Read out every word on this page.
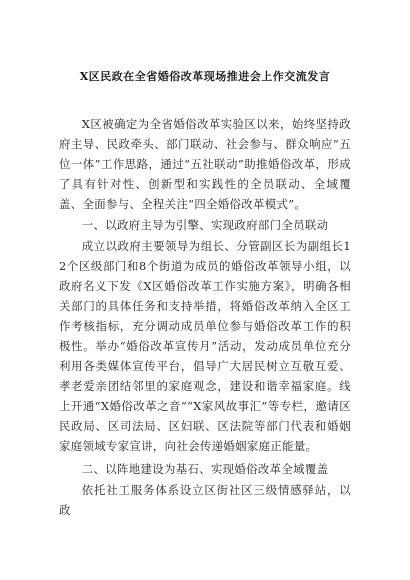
X区民政在全省婚俗改革现场推进会上作交流发言

X区被确定为全省婚俗改革实验区以来，始终坚持政府主导、民政牵头、部门联动、社会参与、群众响应“五位一体”工作思路，通过“五社联动”助推婚俗改革，形成了具有针对性、创新型和实践性的全员联动、全域覆盖、全面参与、全程关注“四全婚俗改革模式”。

一、以政府主导为引擎、实现政府部门全员联动

成立以政府主要领导为组长、分管副区长为副组长12个区级部门和8个街道为成员的婚俗改革领导小组，以政府名义下发《X区婚俗改革工作实施方案》，明确各相关部门的具体任务和支持举措，将婚俗改革纳入全区工作考核指标，充分调动成员单位参与婚俗改革工作的积极性。举办“婚俗改革宣传月”活动，发动成员单位充分利用各类媒体宣传平台，倡导广大居民树立互敬互爱、孝老爱亲团结邻里的家庭观念，建设和谐幸福家庭。线上开通“X婚俗改革之音”“X家风故事汇”等专栏，邀请区民政局、区司法局、区妇联、区法院等部门代表和婚姻家庭领域专家宣讲，向社会传递婚姻家庭正能量。

二、以阵地建设为基石、实现婚俗改革全域覆盖

依托社工服务体系设立区街社区三级情感驿站，以政
